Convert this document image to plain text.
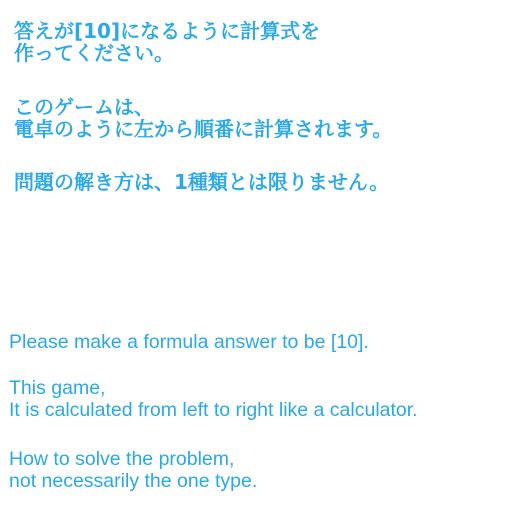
答えが[10]になるように計算式を
作ってください。
このゲームは、
電卓のように左から順番に計算されます。
問題の解き方は、1種類とは限りません。
Please make a formula answer to be [10].
This game,
It is calculated from left to right like a calculator.
How to solve the problem,
not necessarily the one type.
